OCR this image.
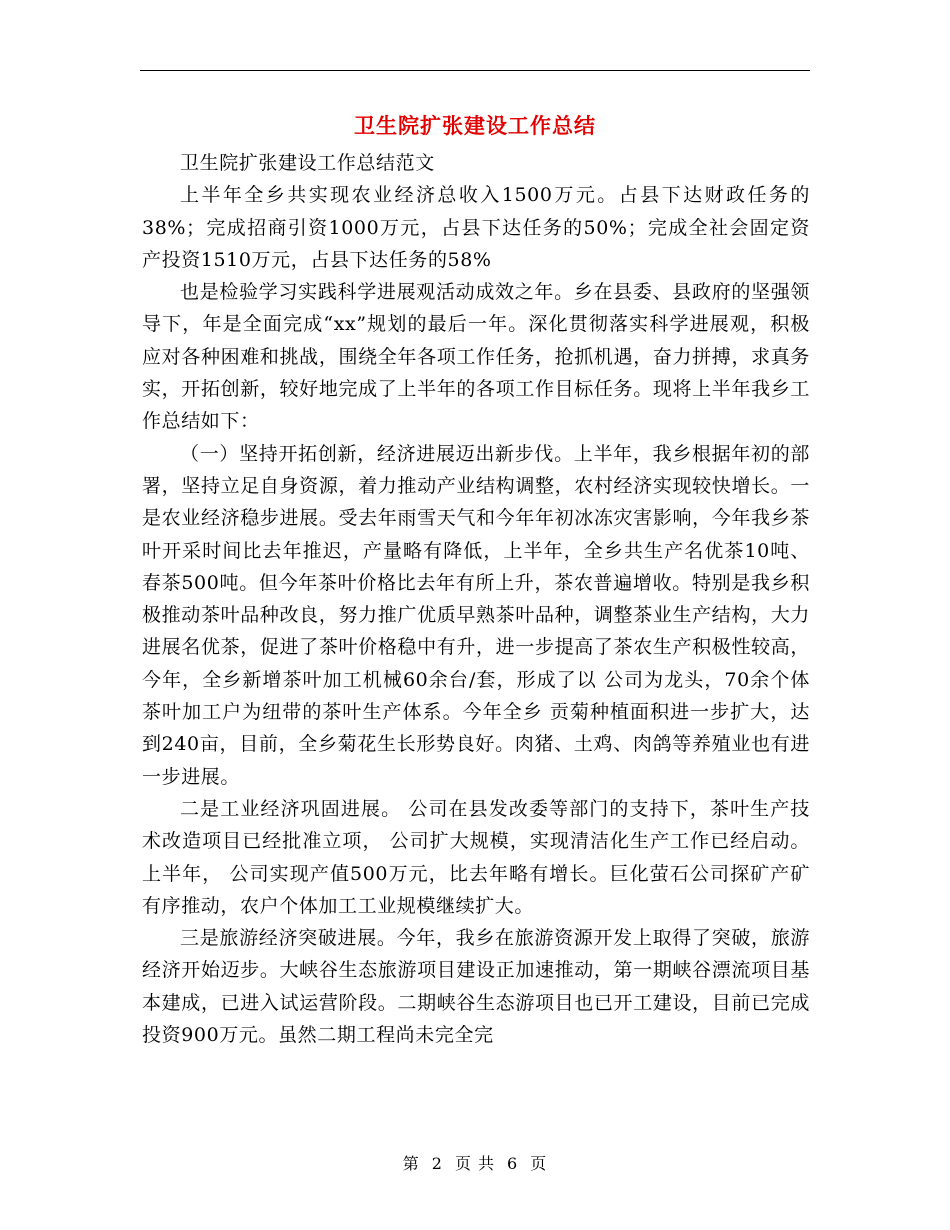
卫生院扩张建设工作总结

卫生院扩张建设工作总结范文

上半年全乡共实现农业经济总收入1500万元。占县下达财政任务的38%；完成招商引资1000万元，占县下达任务的50%；完成全社会固定资产投资1510万元，占县下达任务的58%

也是检验学习实践科学进展观活动成效之年。乡在县委、县政府的坚强领导下，年是全面完成“xx”规划的最后一年。深化贯彻落实科学进展观，积极应对各种困难和挑战，围绕全年各项工作任务，抢抓机遇，奋力拼搏，求真务实，开拓创新，较好地完成了上半年的各项工作目标任务。现将上半年我乡工作总结如下：

（一）坚持开拓创新，经济进展迈出新步伐。上半年，我乡根据年初的部署，坚持立足自身资源，着力推动产业结构调整，农村经济实现较快增长。一是农业经济稳步进展。受去年雨雪天气和今年年初冰冻灾害影响，今年我乡茶叶开采时间比去年推迟，产量略有降低，上半年，全乡共生产名优茶10吨、春茶500吨。但今年茶叶价格比去年有所上升，茶农普遍增收。特别是我乡积极推动茶叶品种改良，努力推广优质早熟茶叶品种，调整茶业生产结构，大力进展名优茶，促进了茶叶价格稳中有升，进一步提高了茶农生产积极性较高，今年，全乡新增茶叶加工机械60余台/套，形成了以 公司为龙头，70余个体茶叶加工户为纽带的茶叶生产体系。今年全乡 贡菊种植面积进一步扩大，达到240亩，目前，全乡菊花生长形势良好。肉猪、土鸡、肉鸽等养殖业也有进一步进展。

二是工业经济巩固进展。 公司在县发改委等部门的支持下，茶叶生产技术改造项目已经批准立项， 公司扩大规模，实现清洁化生产工作已经启动。上半年， 公司实现产值500万元，比去年略有增长。巨化萤石公司探矿产矿有序推动，农户个体加工工业规模继续扩大。

三是旅游经济突破进展。今年，我乡在旅游资源开发上取得了突破，旅游经济开始迈步。大峡谷生态旅游项目建设正加速推动，第一期峡谷漂流项目基本建成，已进入试运营阶段。二期峡谷生态游项目也已开工建设，目前已完成投资900万元。虽然二期工程尚未完全完

第 2 页 共 6 页
